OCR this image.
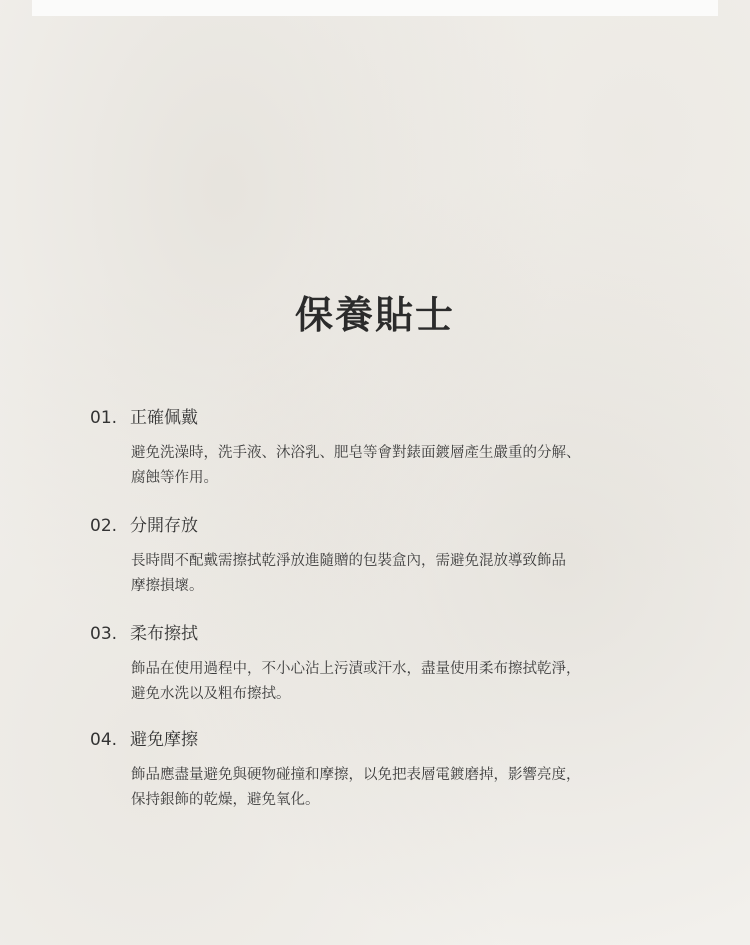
保養貼士
01. 正確佩戴
避免洗澡時，洗手液、沐浴乳、肥皂等會對錶面鍍層產生嚴重的分解、
腐蝕等作用。
02. 分開存放
長時間不配戴需擦拭乾淨放進隨贈的包裝盒內，需避免混放導致飾品
摩擦損壞。
03. 柔布擦拭
飾品在使用過程中，不小心沾上污漬或汗水，盡量使用柔布擦拭乾淨，
避免水洗以及粗布擦拭。
04. 避免摩擦
飾品應盡量避免與硬物碰撞和摩擦，以免把表層電鍍磨掉，影響亮度，
保持銀飾的乾燥，避免氧化。
